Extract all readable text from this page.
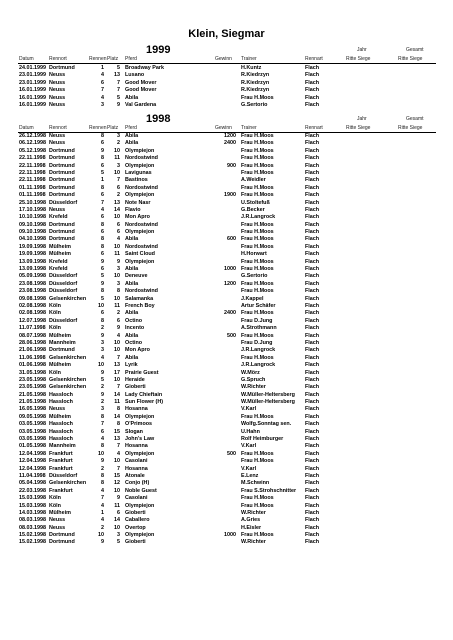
Klein, Siegmar
1999	Jahr	Gesamt
Datum	Rennort	Rennen Platz Pferd	Gewinn Trainer	Rennart	Ritte Siege	Ritte Siege
24.01.1999 Dortmund	1	5 Broadway Park	H.Kuntz	Flach
23.01.1999 Neuss	4	13 Lusano	R.Kiedrzyn	Flach
23.01.1999 Neuss	6	7 Good Mover	R.Kiedrzyn	Flach
16.01.1999 Neuss	7	7 Good Mover	R.Kiedrzyn	Flach
16.01.1999 Neuss	4	5 Abila	Frau H.Moos	Flach
16.01.1999 Neuss	3	9 Val Gardena	G.Sertorio	Flach
1998	Jahr	Gesamt
Datum	Rennort	Rennen Platz Pferd	Gewinn Trainer	Rennart	Ritte Siege	Ritte Siege
26.12.1998 Neuss	8	3 Abila	1200 Frau H.Moos	Flach
06.12.1998 Neuss	6	2 Abila	2400 Frau H.Moos	Flach
05.12.1998 Dortmund	9	10 Olympiejon	Frau H.Moos	Flach
22.11.1998 Dortmund	8	11 Nordostwind	Frau H.Moos	Flach
22.11.1998 Dortmund	6	3 Olympiejon	900 Frau H.Moos	Flach
22.11.1998 Dortmund	5	10 Lavigunas	Frau H.Moos	Flach
22.11.1998 Dortmund	1	7 Bastinos	A.Weidler	Flach
01.11.1998 Dortmund	8	6 Nordostwind	Frau H.Moos	Flach
01.11.1998 Dortmund	6	2 Olympiejon	1900 Frau H.Moos	Flach
25.10.1998 Düsseldorf	7	13 Note Nasr	U.Stoltefuß	Flach
17.10.1998 Neuss	4	14 Flavio	G.Becker	Flach
10.10.1998 Krefeld	6	10 Mon Apro	J.R.Langrock	Flach
09.10.1998 Dortmund	8	6 Nordostwind	Frau H.Moos	Flach
09.10.1998 Dortmund	6	6 Olympiejon	Frau H.Moos	Flach
04.10.1998 Dortmund	8	4 Abila	600 Frau H.Moos	Flach
19.09.1998 Mülheim	8	10 Nordostwind	Frau H.Moos	Flach
19.09.1998 Mülheim	6	11 Saint Cloud	H.Horwart	Flach
13.09.1998 Krefeld	9	9 Olympiejon	Frau H.Moos	Flach
13.09.1998 Krefeld	6	3 Abila	1000 Frau H.Moos	Flach
05.09.1998 Düsseldorf	5	10 Deneuve	G.Sertorio	Flach
23.08.1998 Düsseldorf	9	3 Abila	1200 Frau H.Moos	Flach
23.08.1998 Düsseldorf	8	8 Nordostwind	Frau H.Moos	Flach
09.08.1998 Gelsenkirchen	5	10 Salamanka	J.Kappel	Flach
02.08.1998 Köln	10	11 French Boy	Artur Schäfer	Flach
02.08.1998 Köln	6	2 Abila	2400 Frau H.Moos	Flach
12.07.1998 Düsseldorf	8	6 Octino	Frau D.Jung	Flach
11.07.1998 Köln	2	9 Incento	A.Strothmann	Flach
08.07.1998 Mülheim	9	4 Abila	500 Frau H.Moos	Flach
28.06.1998 Mannheim	3	10 Octino	Frau D.Jung	Flach
21.06.1998 Dortmund	3	10 Mon Apro	J.R.Langrock	Flach
11.06.1998 Gelsenkirchen	4	7 Abila	Frau H.Moos	Flach
01.06.1998 Mülheim	10	13 Lyrik	J.R.Langrock	Flach
31.05.1998 Köln	9	17 Prairie Guest	W.Mörz	Flach
23.05.1998 Gelsenkirchen	5	10 Heraide	G.Spruch	Flach
23.05.1998 Gelsenkirchen	2	7 Gioberti	W.Richter	Flach
21.05.1998 Hassloch	9	14 Lady Chieftain	W.Müller-Heltersberg Flach
21.05.1998 Hassloch	2	11 Sun Flower (H)	W.Müller-Heltersberg Flach
16.05.1998 Neuss	3	8 Hosanna	V.Karl	Flach
09.05.1998 Mülheim	8	14 Olympiejon	Frau H.Moos	Flach
03.05.1998 Hassloch	7	8 O'Primoos	Wolfg.Sonntag sen.	Flach
03.05.1998 Hassloch	6	15 Slogan	U.Hahn	Flach
03.05.1998 Hassloch	4	13 John's Law	Rolf Heimburger	Flach
01.05.1998 Mannheim	8	7 Hosanna	V.Karl	Flach
12.04.1998 Frankfurt	10	4 Olympiejon	500 Frau H.Moos	Flach
12.04.1998 Frankfurt	9	10 Casolani	Frau H.Moos	Flach
12.04.1998 Frankfurt	2	7 Hosanna	V.Karl	Flach
11.04.1998 Düsseldorf	8	15 Atonale	E.Lenz	Flach
05.04.1998 Gelsenkirchen	8	12 Conjo (H)	M.Schwinn	Flach
22.03.1998 Frankfurt	4	10 Noble Guest	Frau S.Strohschnitter Flach
15.03.1998 Köln	7	9 Casolani	Frau H.Moos	Flach
15.03.1998 Köln	4	11 Olympiejon	Frau H.Moos	Flach
14.03.1998 Mülheim	1	6 Gioberti	W.Richter	Flach
08.03.1998 Neuss	4	14 Caballero	A.Gries	Flach
08.03.1998 Neuss	2	10 Overtop	H.Eisler	Flach
15.02.1998 Dortmund	10	3 Olympiejon	1000 Frau H.Moos	Flach
15.02.1998 Dortmund	9	5 Gioberti	W.Richter	Flach
